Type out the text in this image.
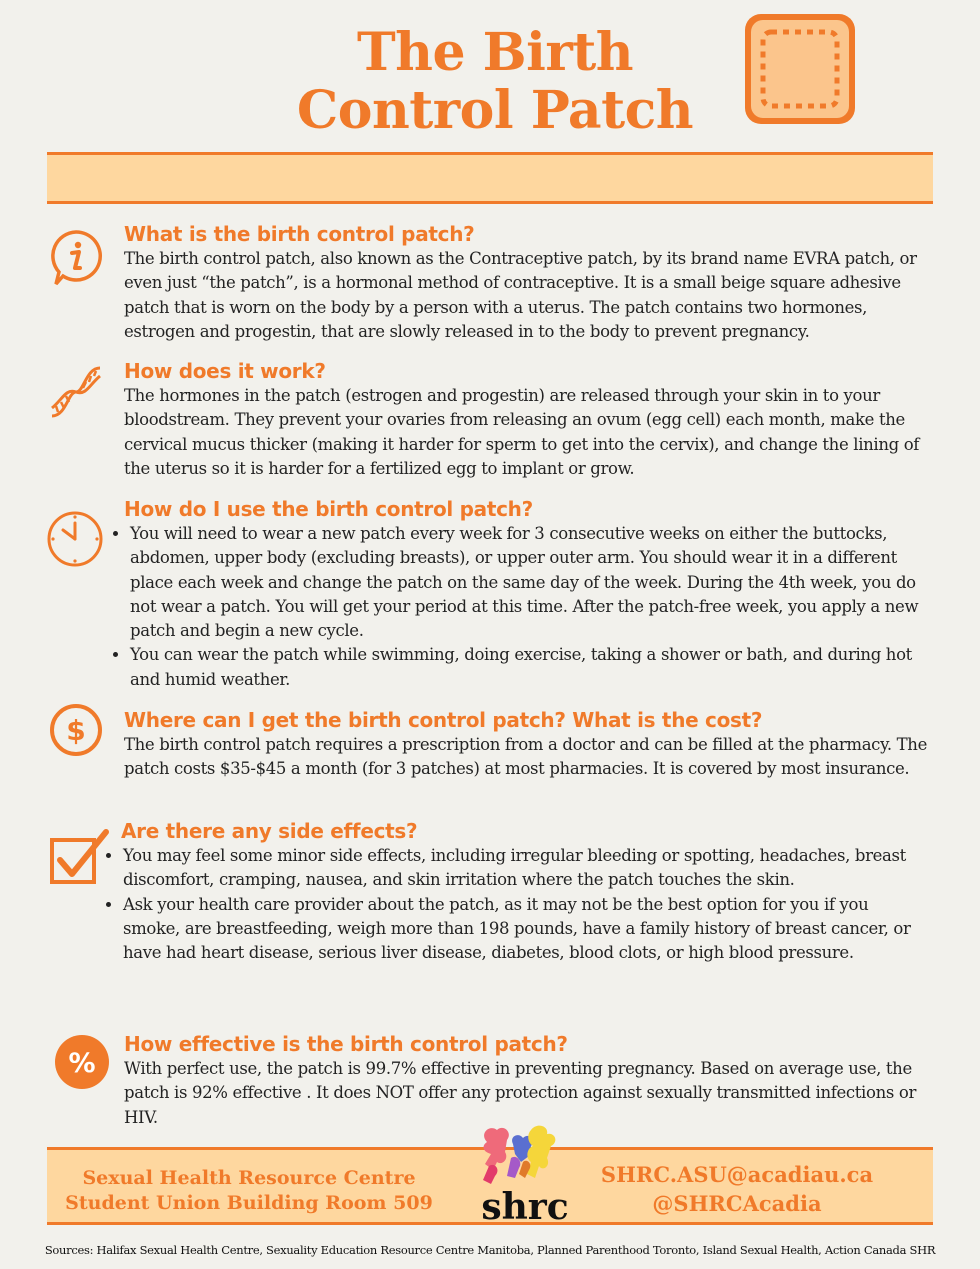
The Birth
Control Patch
What is the birth control patch?

The birth control patch, also known as the Contraceptive patch, by its brand name EVRA patch, or even just “the patch”, is a hormonal method of contraceptive. It is a small beige square adhesive patch that is worn on the body by a person with a uterus. The patch contains two hormones, estrogen and progestin, that are slowly released in to the body to prevent pregnancy.

How does it work?

The hormones in the patch (estrogen and progestin) are released through your skin in to your bloodstream. They prevent your ovaries from releasing an ovum (egg cell) each month, make the cervical mucus thicker (making it harder for sperm to get into the cervix), and change the lining of the uterus so it is harder for a fertilized egg to implant or grow.

How do I use the birth control patch?
• You will need to wear a new patch every week for 3 consecutive weeks on either the buttocks, abdomen, upper body (excluding breasts), or upper outer arm. You should wear it in a different place each week and change the patch on the same day of the week. During the 4th week, you do not wear a patch. You will get your period at this time. After the patch-free week, you apply a new patch and begin a new cycle.
• You can wear the patch while swimming, doing exercise, taking a shower or bath, and during hot and humid weather.
$ Where can I get the birth control patch? What is the cost?

The birth control patch requires a prescription from a doctor and can be filled at the pharmacy. The patch costs $35-$45 a month (for 3 patches) at most pharmacies. It is covered by most insurance.

Are there any side effects?
• You may feel some minor side effects, including irregular bleeding or spotting, headaches, breast discomfort, cramping, nausea, and skin irritation where the patch touches the skin.
• Ask your health care provider about the patch, as it may not be the best option for you if you smoke, are breastfeeding, weigh more than 198 pounds, have a family history of breast cancer, or have had heart disease, serious liver disease, diabetes, blood clots, or high blood pressure.
%
How effective is the birth control patch?

With perfect use, the patch is 99.7% effective in preventing pregnancy. Based on average use, the patch is 92% effective . It does NOT offer any protection against sexually transmitted infections or HIV.

Sexual Health Resource Centre
Student Union Building Room 509	shrc
SHRC.ASU@acadiau.ca
@SHRCAcadia
Sources: Halifax Sexual Health Centre, Sexuality Education Resource Centre Manitoba, Planned Parenthood Toronto, Island Sexual Health, Action Canada SHR
